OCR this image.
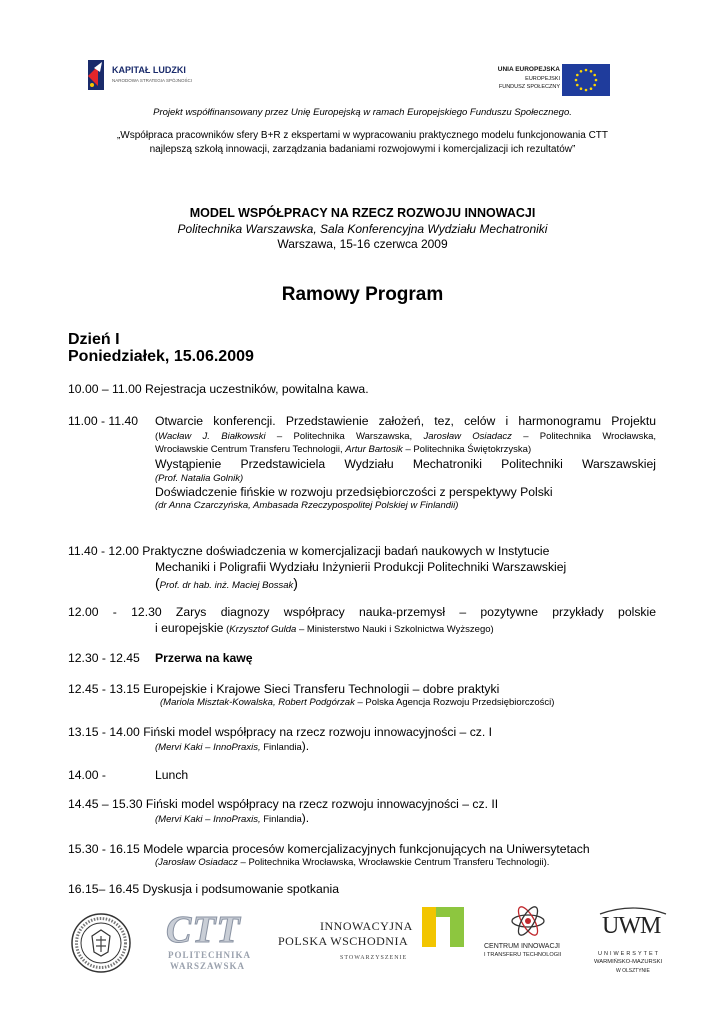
KAPITAŁ LUDZKI
NARODOWA STRATEGIA SPÓJNOŚCI
UNIA EUROPEJSKA
EUROPEJSKI
FUNDUSZ SPOŁECZNY
Projekt współfinansowany przez Unię Europejską w ramach Europejskiego Funduszu Społecznego.
„Współpraca pracowników sfery B+R z ekspertami w wypracowaniu praktycznego modelu funkcjonowania CTT
najlepszą szkołą innowacji, zarządzania badaniami rozwojowymi i komercjalizacji ich rezultatów”
MODEL WSPÓŁPRACY NA RZECZ ROZWOJU INNOWACJI
Politechnika Warszawska, Sala Konferencyjna Wydziału Mechatroniki
Warszawa, 15-16 czerwca 2009
Ramowy Program
Dzień I
Poniedziałek, 15.06.2009
10.00 – 11.00 Rejestracja uczestników, powitalna kawa.
11.00 - 11.40 Otwarcie konferencji. Przedstawienie założeń, tez, celów i harmonogramu Projektu
(Wacław J. Białkowski – Politechnika Warszawska, Jarosław Osiadacz – Politechnika Wrocławska,
Wrocławskie Centrum Transferu Technologii, Artur Bartosik – Politechnika Świętokrzyska)
Wystąpienie Przedstawiciela Wydziału Mechatroniki Politechniki Warszawskiej
(Prof. Natalia Golnik)
Doświadczenie fińskie w rozwoju przedsiębiorczości z perspektywy Polski
(dr Anna Czarczyńska, Ambasada Rzeczypospolitej Polskiej w Finlandii)
11.40 - 12.00 Praktyczne doświadczenia w komercjalizacji badań naukowych w Instytucie
Mechaniki i Poligrafii Wydziału Inżynierii Produkcji Politechniki Warszawskiej
(Prof. dr hab. inż. Maciej Bossak)
12.00 - 12.30 Zarys diagnozy współpracy nauka-przemysł – pozytywne przykłady polskie
i europejskie (Krzysztof Gulda – Ministerstwo Nauki i Szkolnictwa Wyższego)
12.30 - 12.45 Przerwa na kawę
12.45 - 13.15 Europejskie i Krajowe Sieci Transferu Technologii – dobre praktyki
(Mariola Misztak-Kowalska, Robert Podgórzak – Polska Agencja Rozwoju Przedsiębiorczości)
13.15 - 14.00 Fiński model współpracy na rzecz rozwoju innowacyjności – cz. I
(Mervi Kaki – InnoPraxis, Finlandia).
14.00 -	Lunch
14.45 – 15.30 Fiński model współpracy na rzecz rozwoju innowacyjności – cz. II
(Mervi Kaki – InnoPraxis, Finlandia).
15.30 - 16.15 Modele wparcia procesów komercjalizacyjnych funkcjonujących na Uniwersytetach
(Jarosław Osiadacz – Politechnika Wrocławska, Wrocławskie Centrum Transferu Technologii).
16.15– 16.45 Dyskusja i podsumowanie spotkania
CTT
POLITECHNIKA
WARSZAWSKA
INNOWACYJNA
POLSKA WSCHODNIA
STOWARZYSZENIE
CENTRUM INNOWACJI
I TRANSFERU TECHNOLOGII
UWM
UNIWERSYTET
WARMIŃSKO-MAZURSKI
W OLSZTYNIE
